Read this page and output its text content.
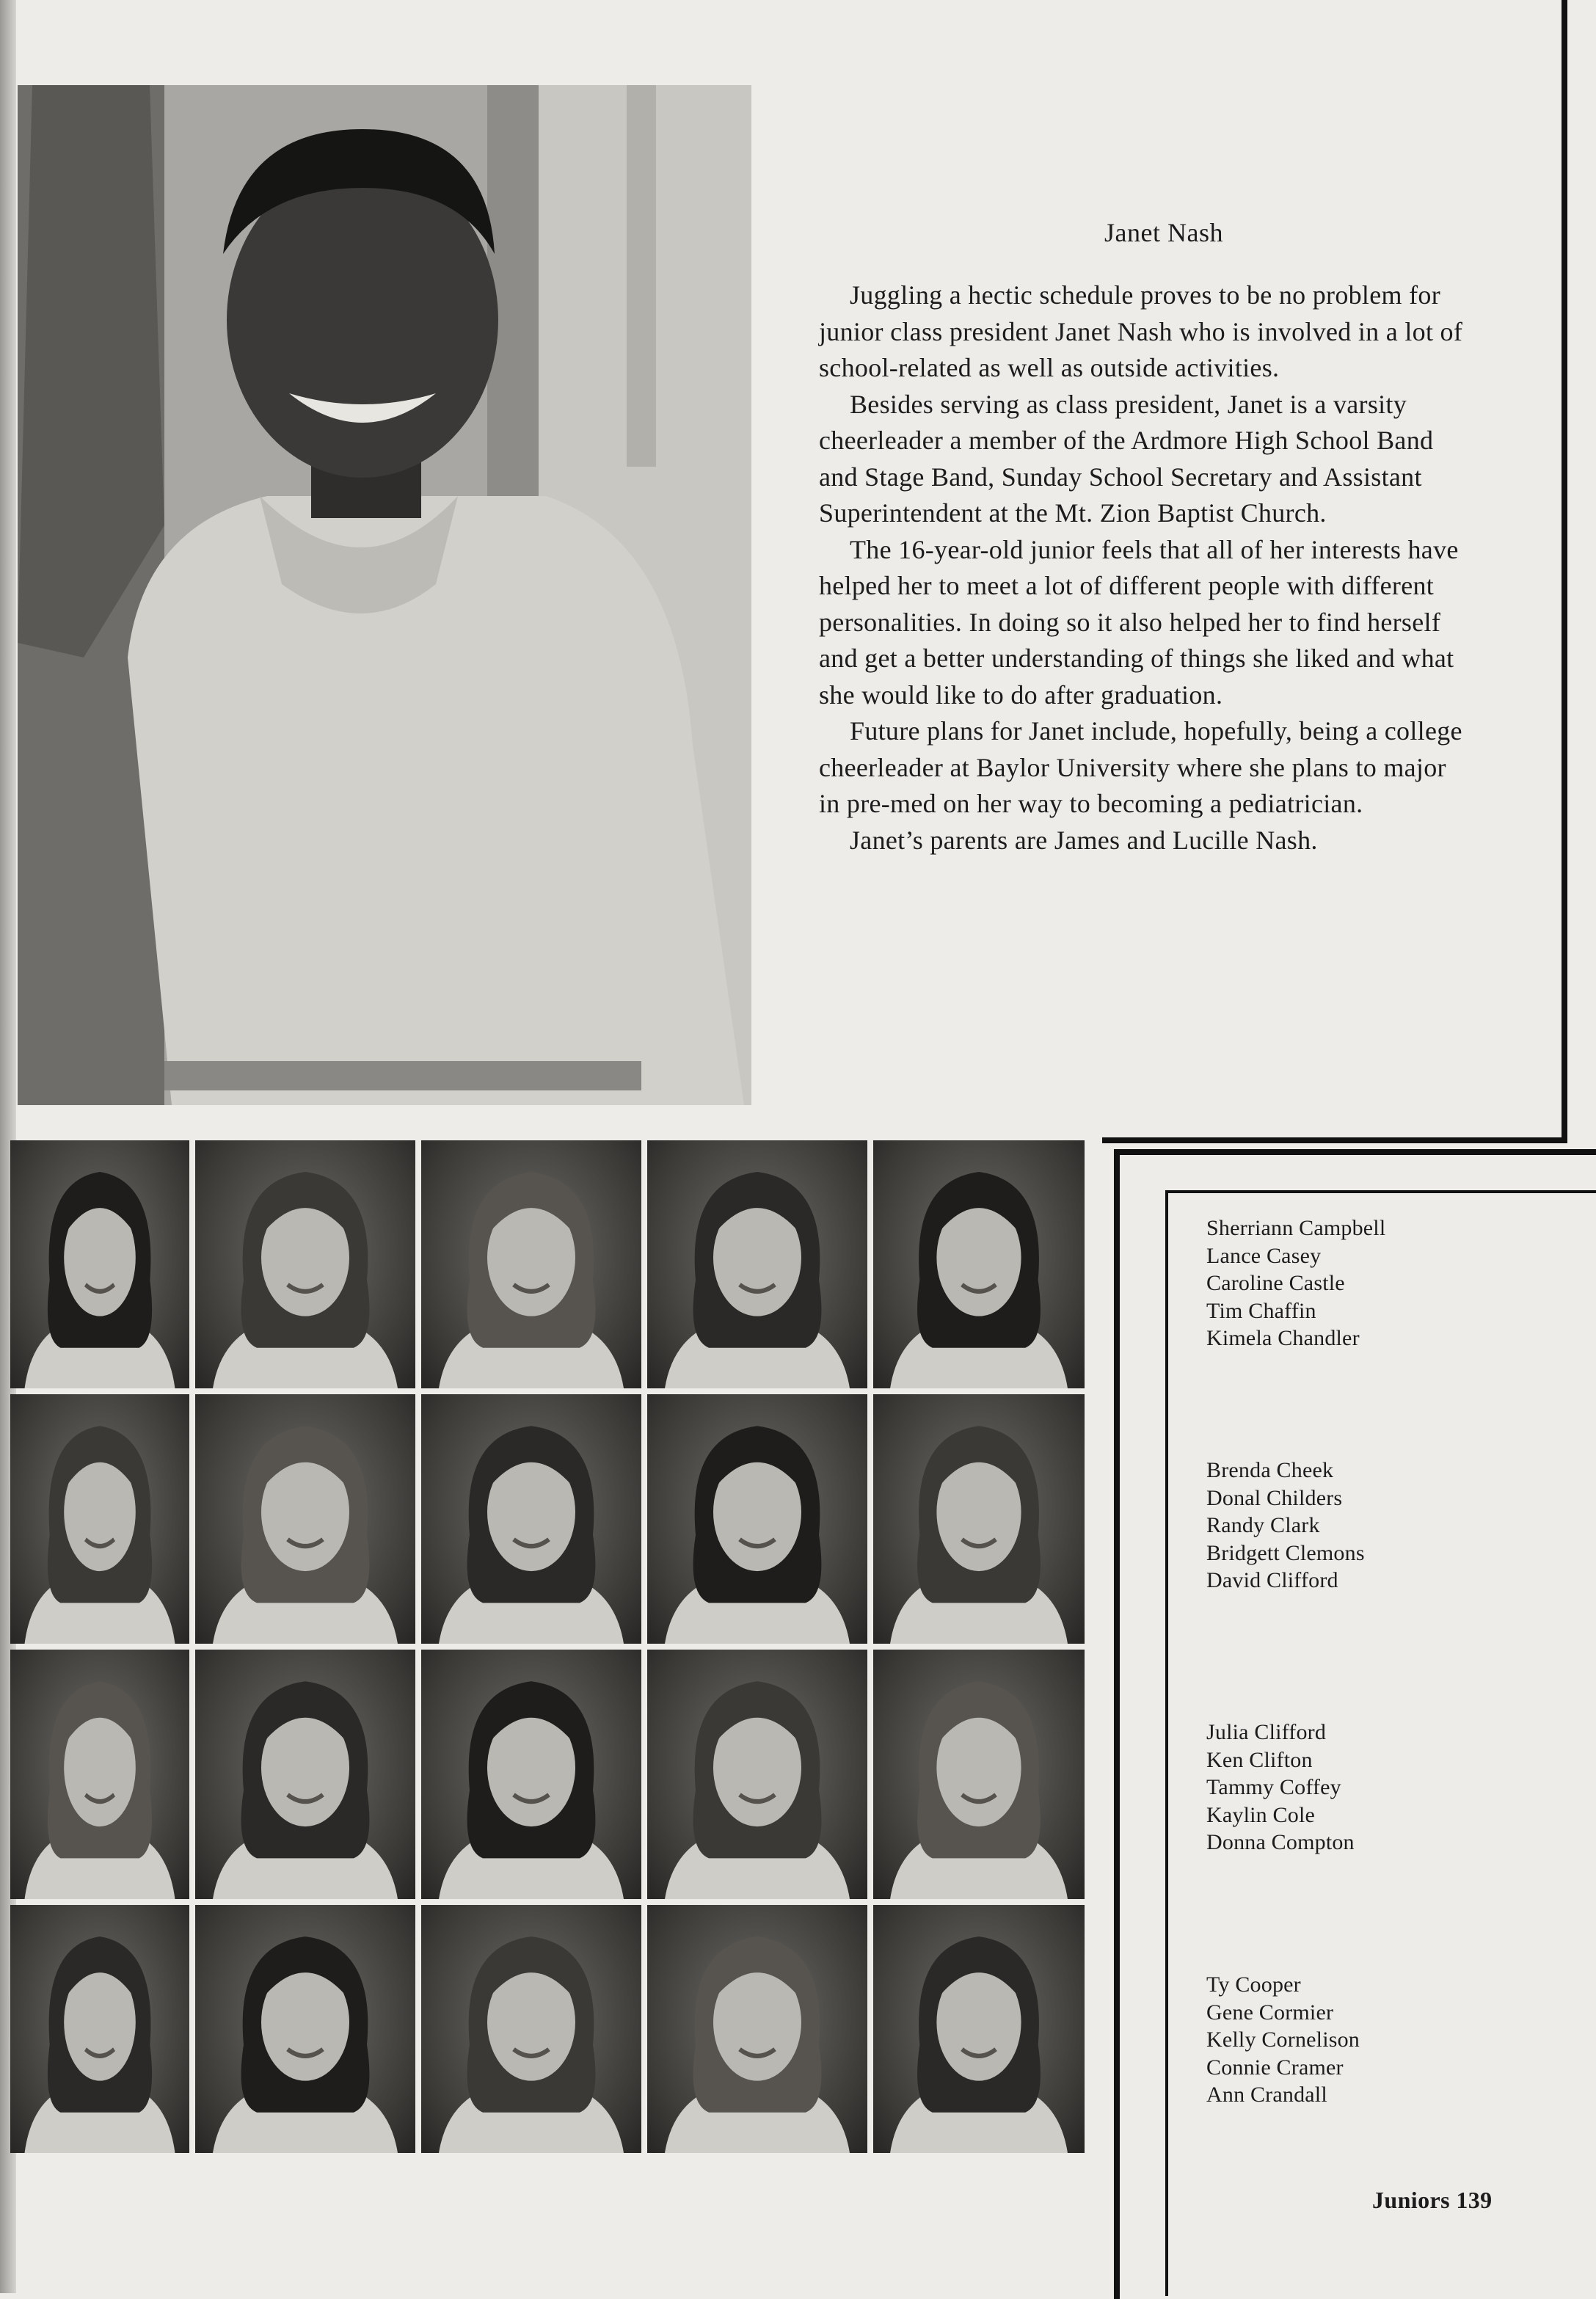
Janet Nash

Juggling a hectic schedule proves to be no problem for junior class president Janet Nash who is involved in a lot of school-related as well as outside activities.

Besides serving as class president, Janet is a varsity cheerleader a member of the Ardmore High School Band and Stage Band, Sunday School Secretary and Assistant Superintendent at the Mt. Zion Baptist Church.

The 16-year-old junior feels that all of her interests have helped her to meet a lot of different people with different personalities. In doing so it also helped her to find herself and get a better understanding of things she liked and what she would like to do after graduation.

Future plans for Janet include, hopefully, being a college cheerleader at Baylor University where she plans to major in pre-med on her way to becoming a pediatrician.

Janet’s parents are James and Lucille Nash.

Sherriann Campbell
Lance Casey
Caroline Castle
Tim Chaffin
Kimela Chandler
Brenda Cheek
Donal Childers
Randy Clark
Bridgett Clemons
David Clifford
Julia Clifford
Ken Clifton
Tammy Coffey
Kaylin Cole
Donna Compton
Ty Cooper
Gene Cormier
Kelly Cornelison
Connie Cramer
Ann Crandall
Juniors 139
